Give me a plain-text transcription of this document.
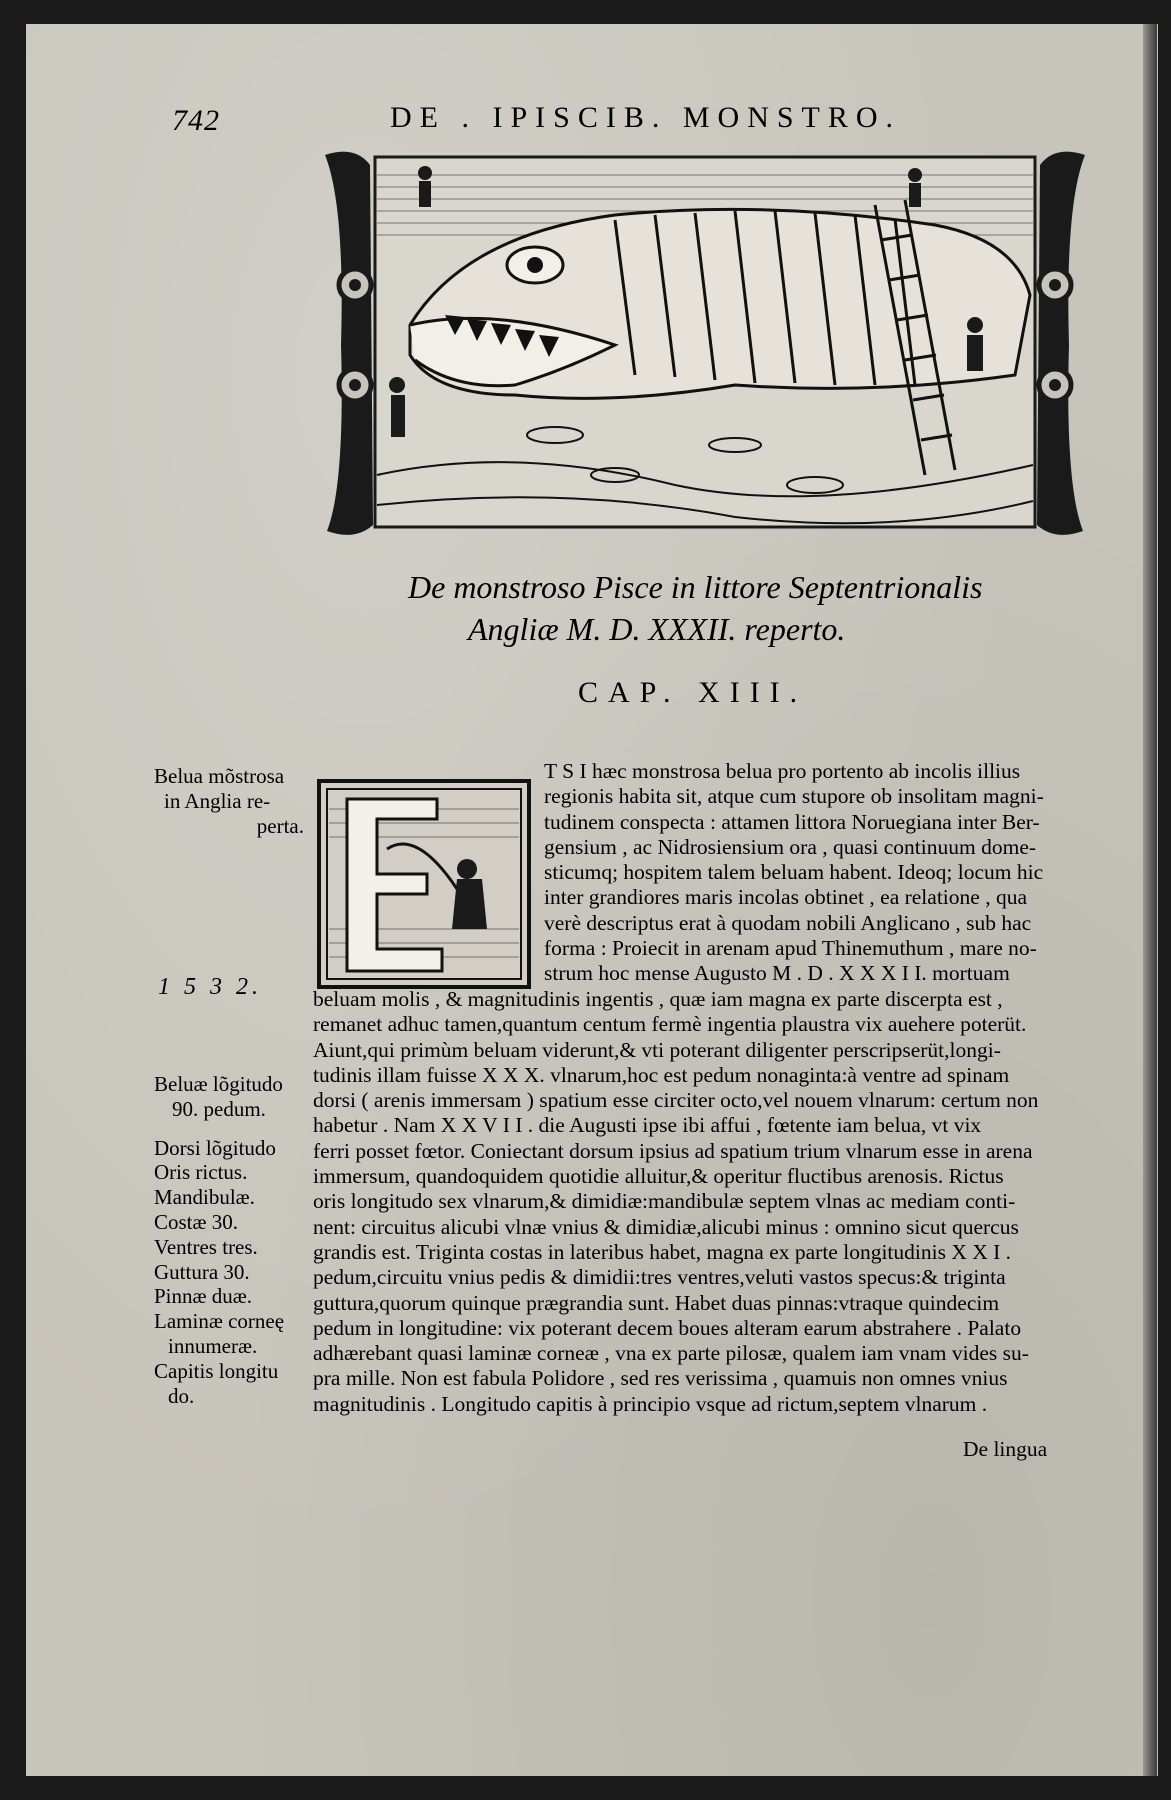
742	DE . IPISCIB. MONSTRO.
De monstroso Pisce in littore Septentrionalis
Angliæ M. D. XXXII. reperto.
CAP. XIII.
T S I hæc monstrosa belua pro portento ab incolis illius
regionis habita sit, atque cum stupore ob insolitam magni-
tudinem conspecta : attamen littora Noruegiana inter Ber-
gensium , ac Nidrosiensium ora , quasi continuum dome-
sticumq; hospitem talem beluam habent. Ideoq; locum hic
inter grandiores maris incolas obtinet , ea relatione , qua
verè descriptus erat à quodam nobili Anglicano , sub hac
forma : Proiecit in arenam apud Thinemuthum , mare no-
strum hoc mense Augusto M . D . X X X I I. mortuam
beluam molis , & magnitudinis ingentis , quæ iam magna ex parte discerpta est ,
remanet adhuc tamen,quantum centum fermè ingentia plaustra vix auehere poterüt.
Aiunt,qui primùm beluam viderunt,& vti poterant diligenter perscripserüt,longi-
tudinis illam fuisse X X X. vlnarum,hoc est pedum nonaginta:à ventre ad spinam
dorsi ( arenis immersam ) spatium esse circiter octo,vel nouem vlnarum: certum non
habetur . Nam X X V I I . die Augusti ipse ibi affui , fœtente iam belua, vt vix
ferri posset fœtor. Coniectant dorsum ipsius ad spatium trium vlnarum esse in arena
immersum, quandoquidem quotidie alluitur,& operitur fluctibus arenosis. Rictus
oris longitudo sex vlnarum,& dimidiæ:mandibulæ septem vlnas ac mediam conti-
nent: circuitus alicubi vlnæ vnius & dimidiæ,alicubi minus : omnino sicut quercus
grandis est. Triginta costas in lateribus habet, magna ex parte longitudinis X X I .
pedum,circuitu vnius pedis & dimidii:tres ventres,veluti vastos specus:& triginta
guttura,quorum quinque prægrandia sunt. Habet duas pinnas:vtraque quindecim
pedum in longitudine: vix poterant decem boues alteram earum abstrahere . Palato
adhærebant quasi laminæ corneæ , vna ex parte pilosæ, qualem iam vnam vides su-
pra mille. Non est fabula Polidore , sed res verissima , quamuis non omnes vnius
magnitudinis . Longitudo capitis à principio vsque ad rictum,septem vlnarum .
De lingua
Belua mõstrosa
in Anglia re-
perta.
1 5 3 2.
Beluæ lõgitudo
90. pedum.
Dorsi lõgitudo
Oris rictus.
Mandibulæ.
Costæ 30.
Ventres tres.
Guttura 30.
Pinnæ duæ.
Laminæ corneę
innumeræ.
Capitis longitu
do.
